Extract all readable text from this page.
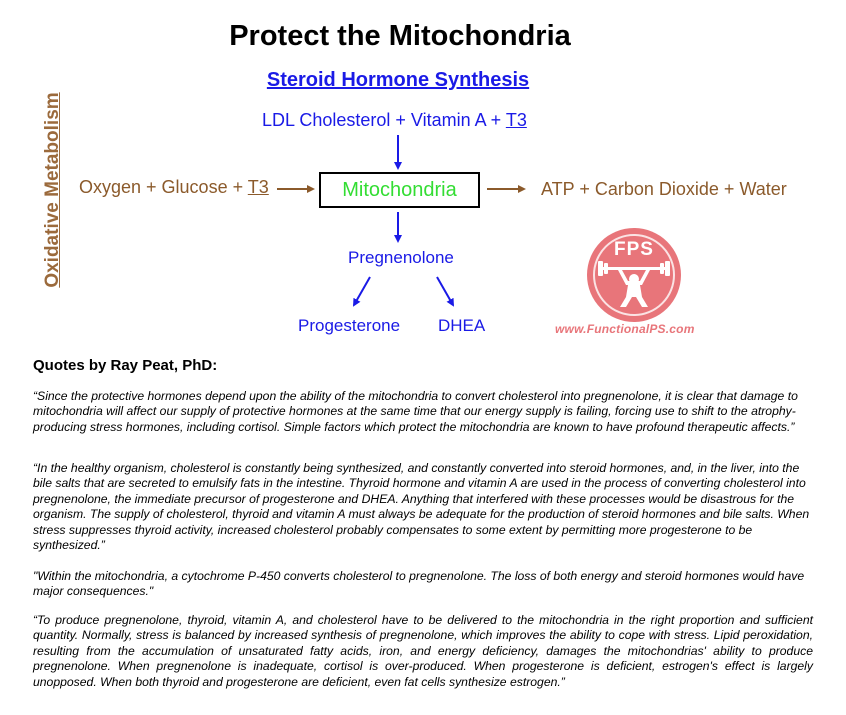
Protect the Mitochondria
Steroid Hormone Synthesis
Oxidative Metabolism	LDL Cholesterol + Vitamin A + T3
Oxygen + Glucose + T3	Mitochondria	ATP + Carbon Dioxide + Water
Pregnenolone
Progesterone DHEA
FPS
www.FunctionalPS.com
Quotes by Ray Peat, PhD:
“Since the protective hormones depend upon the ability of the mitochondria to convert cholesterol into pregnenolone, it is clear that damage to mitochondria will affect our supply of protective hormones at the same time that our energy supply is failing, forcing use to shift to the atrophy-producing stress hormones, including cortisol. Simple factors which protect the mitochondria are known to have profound therapeutic affects.”
“In the healthy organism, cholesterol is constantly being synthesized, and constantly converted into steroid hormones, and, in the liver, into the bile salts that are secreted to emulsify fats in the intestine. Thyroid hormone and vitamin A are used in the process of converting cholesterol into pregnenolone, the immediate precursor of progesterone and DHEA. Anything that interfered with these processes would be disastrous for the organism. The supply of cholesterol, thyroid and vitamin A must always be adequate for the production of steroid hormones and bile salts. When stress suppresses thyroid activity, increased cholesterol probably compensates to some extent by permitting more progesterone to be synthesized.”
"Within the mitochondria, a cytochrome P-450 converts cholesterol to pregnenolone. The loss of both energy and steroid hormones would have major consequences."
“To produce pregnenolone, thyroid, vitamin A, and cholesterol have to be delivered to the mitochondria in the right proportion and sufficient quantity. Normally, stress is balanced by increased synthesis of pregnenolone, which improves the ability to cope with stress. Lipid peroxidation, resulting from the accumulation of unsaturated fatty acids, iron, and energy deficiency, damages the mitochondrias' ability to produce pregnenolone. When pregnenolone is inadequate, cortisol is over-produced. When progesterone is deficient, estrogen's effect is largely unopposed. When both thyroid and progesterone are deficient, even fat cells synthesize estrogen.”
